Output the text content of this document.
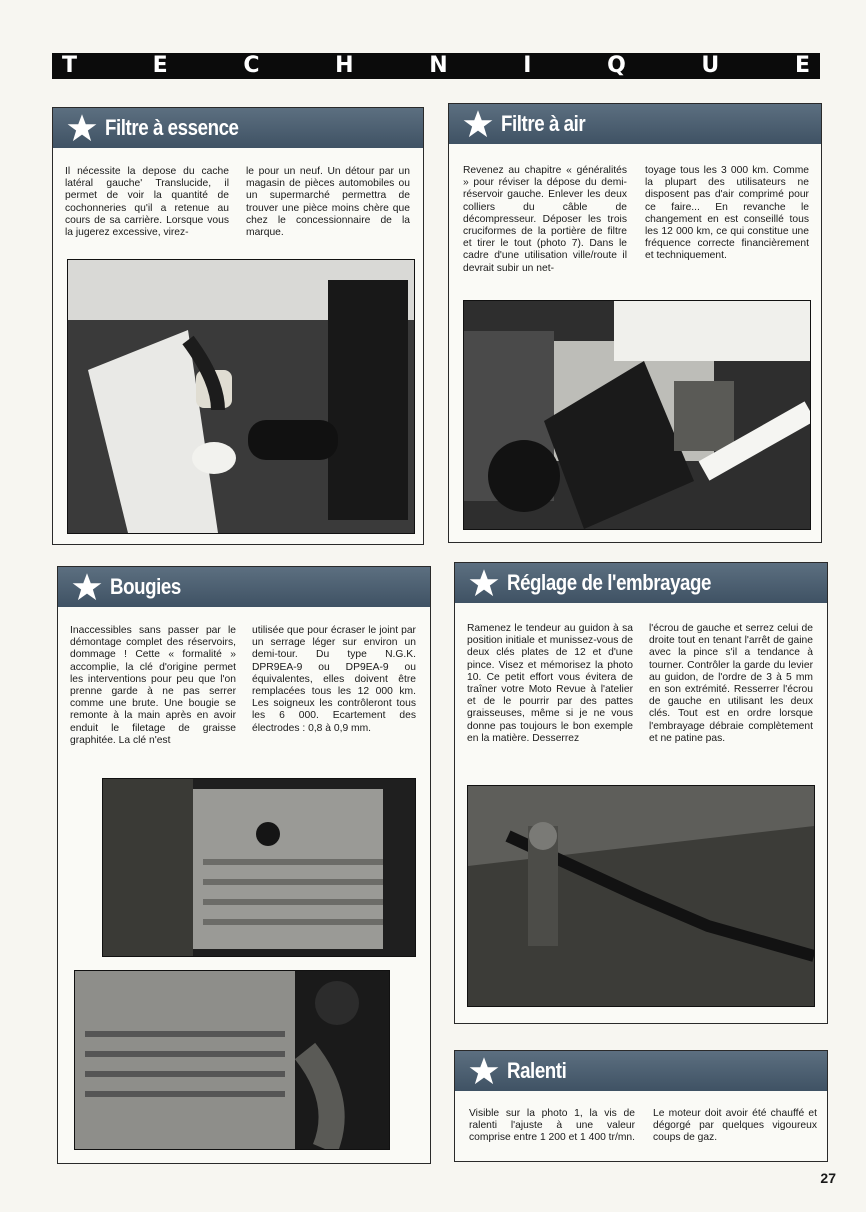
T	E	C	H	N	I	Q	U	E
Filtre à essence
Il nécessite la depose du cache latéral gauche' Translucide, il permet de voir la quantité de cochonneries qu'il a retenue au cours de sa carrière. Lorsque vous la jugerez excessive, virez-
le pour un neuf. Un détour par un magasin de pièces automobiles ou un supermarché permettra de trouver une pièce moins chère que chez le concessionnaire de la marque.
Filtre à air
Revenez au chapitre « généralités » pour réviser la dépose du demi-réservoir gauche. Enlever les deux colliers du câble de décompresseur. Déposer les trois cruciformes de la portière de filtre et tirer le tout (photo 7). Dans le cadre d'une utilisation ville/route il devrait subir un net-
toyage tous les 3 000 km. Comme la plupart des utilisateurs ne disposent pas d'air comprimé pour ce faire... En revanche le changement en est conseillé tous les 12 000 km, ce qui constitue une fréquence correcte financièrement et techniquement.
Bougies
Inaccessibles sans passer par le démontage complet des réservoirs, dommage ! Cette « formalité » accomplie, la clé d'origine permet les interventions pour peu que l'on prenne garde à ne pas serrer comme une brute. Une bougie se remonte à la main après en avoir enduit le filetage de graisse graphitée. La clé n'est
utilisée que pour écraser le joint par un serrage léger sur environ un demi-tour. Du type N.G.K. DPR9EA-9 ou DP9EA-9 ou équivalentes, elles doivent être remplacées tous les 12 000 km. Les soigneux les contrôleront tous les 6 000. Ecartement des électrodes : 0,8 à 0,9 mm.
Réglage de l'embrayage
Ramenez le tendeur au guidon à sa position initiale et munissez-vous de deux clés plates de 12 et d'une pince. Visez et mémorisez la photo 10. Ce petit effort vous évitera de traîner votre Moto Revue à l'atelier et de le pourrir par des pattes graisseuses, même si je ne vous donne pas toujours le bon exemple en la matière. Desserrez
l'écrou de gauche et serrez celui de droite tout en tenant l'arrêt de gaine avec la pince s'il a tendance à tourner. Contrôler la garde du levier au guidon, de l'ordre de 3 à 5 mm en son extrémité. Resserrer l'écrou de gauche en utilisant les deux clés. Tout est en ordre lorsque l'embrayage débraie complètement et ne patine pas.
Ralenti
Visible sur la photo 1, la vis de ralenti l'ajuste à une valeur comprise entre 1 200 et 1 400 tr/mn.
Le moteur doit avoir été chauffé et dégorgé par quelques vigoureux coups de gaz.
27
